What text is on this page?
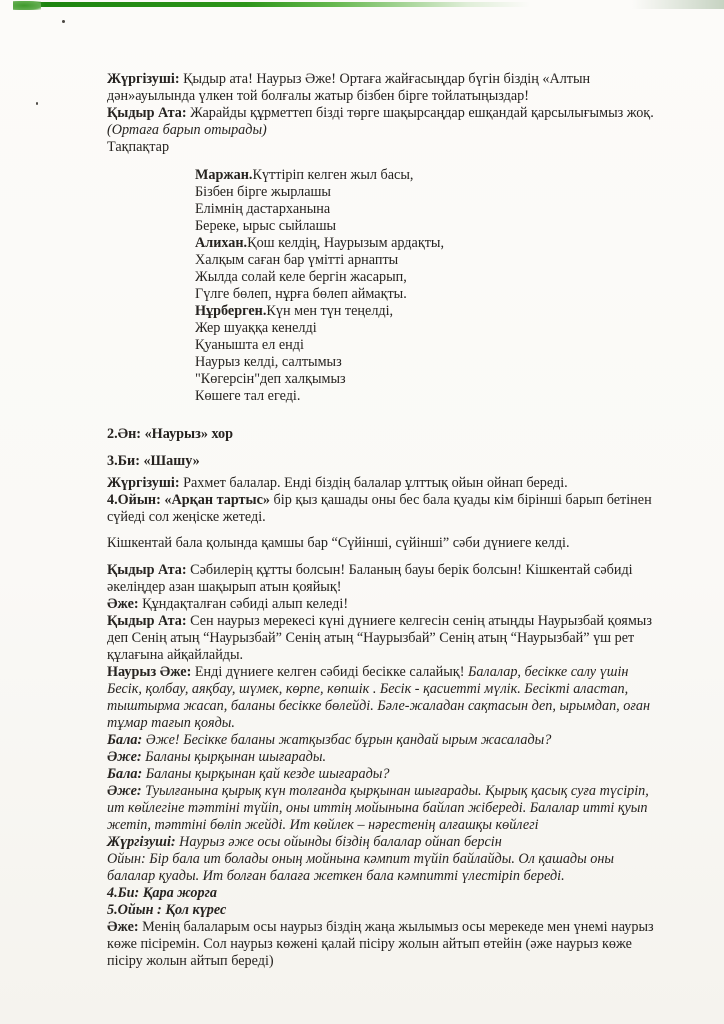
Жүргізуші: Қыдыр ата! Наурыз Әже! Ортаға жайғасыңдар бүгін біздің «Алтын дән»ауылында үлкен той болғалы жатыр бізбен бірге тойлатыңыздар!

Қыдыр Ата: Жарайды құрметтеп бізді төрге шақырсаңдар ешқандай қарсылығымыз жоқ.

(Ортаға барып отырады)

Тақпақтар

Маржан.Күттіріп келген жыл басы,
Бізбен бірге жырлашы
Елімнің дастарханына
Береке, ырыс сыйлашы
Алихан.Қош келдің, Наурызым ардақты,
Халқым саған бар үмітті арнапты
Жылда солай келе бергін жасарып,
Гүлге бөлеп, нұрға бөлеп аймақты.
Нұрберген.Күн мен түн теңелді,
Жер шуаққа кенелді
Қуанышта ел енді
Наурыз келді, салтымыз
"Көгерсін"деп халқымыз
Көшеге тал егеді.

2.Ән: «Наурыз» хор

3.Би: «Шашу»

Жүргізуші: Рахмет балалар. Енді біздің балалар ұлттық ойын ойнап береді.

4.Ойын: «Арқан тартыс» бір қыз қашады оны бес бала қуады кім бірінші барып бетінен сүйеді сол жеңіске жетеді.

Кішкентай бала қолында қамшы бар “Сүйінші, сүйінші” сәби дүниеге келді.

Қыдыр Ата: Сәбилерің құтты болсын! Баланың бауы берік болсын! Кішкентай сәбиді әкеліңдер азан шақырып атын қояйық!

Әже: Құндақталған сәбиді алып келеді!

Қыдыр Ата: Сен наурыз мерекесі күні дүниеге келгесін сенің атыңды Наурызбай қоямыз деп Сенің атың “Наурызбай” Сенің атың “Наурызбай” Сенің атың “Наурызбай” үш рет құлағына айқайлайды.

Наурыз Әже: Енді дүниеге келген сәбиді бесікке салайық! Балалар, бесікке салу үшін Бесік, қолбау, аяқбау, шүмек, көрпе, көпшік . Бесік - қасиетті мүлік. Бесікті аластап, тыштырма жасап, баланы бесікке бөлейді. Бәле-жаладан сақтасын деп, ырымдап, оған тұмар тағып қояды.

Бала: Әже! Бесікке баланы жатқызбас бұрын қандай ырым жасалады?

Әже: Баланы қырқынан шығарады.

Бала: Баланы қырқынан қай кезде шығарады?

Әже: Туылғанына қырық күн толғанда қырқынан шығарады. Қырық қасық суға түсіріп, ит көйлегіне тәттіні түйіп, оны иттің мойынына байлап жібереді. Балалар итті қуып жетіп, тәттіні бөліп жейді. Ит көйлек – нәрестенің алғашқы көйлегі

Жүргізуші: Наурыз әже осы ойынды біздің балалар ойнап берсін

Ойын: Бір бала ит болады оның мойнына кәмпит түйіп байлайды. Ол қашады оны балалар қуады. Ит болған балаға жеткен бала кәмпитті үлестіріп береді.

4.Би: Қара жорга

5.Ойын : Қол күрес

Әже: Менің балаларым осы наурыз біздің жаңа жылымыз осы мерекеде мен үнемі наурыз көже пісіремін. Сол наурыз көжені қалай пісіру жолын айтып өтейін (әже наурыз көже пісіру жолын айтып береді)
